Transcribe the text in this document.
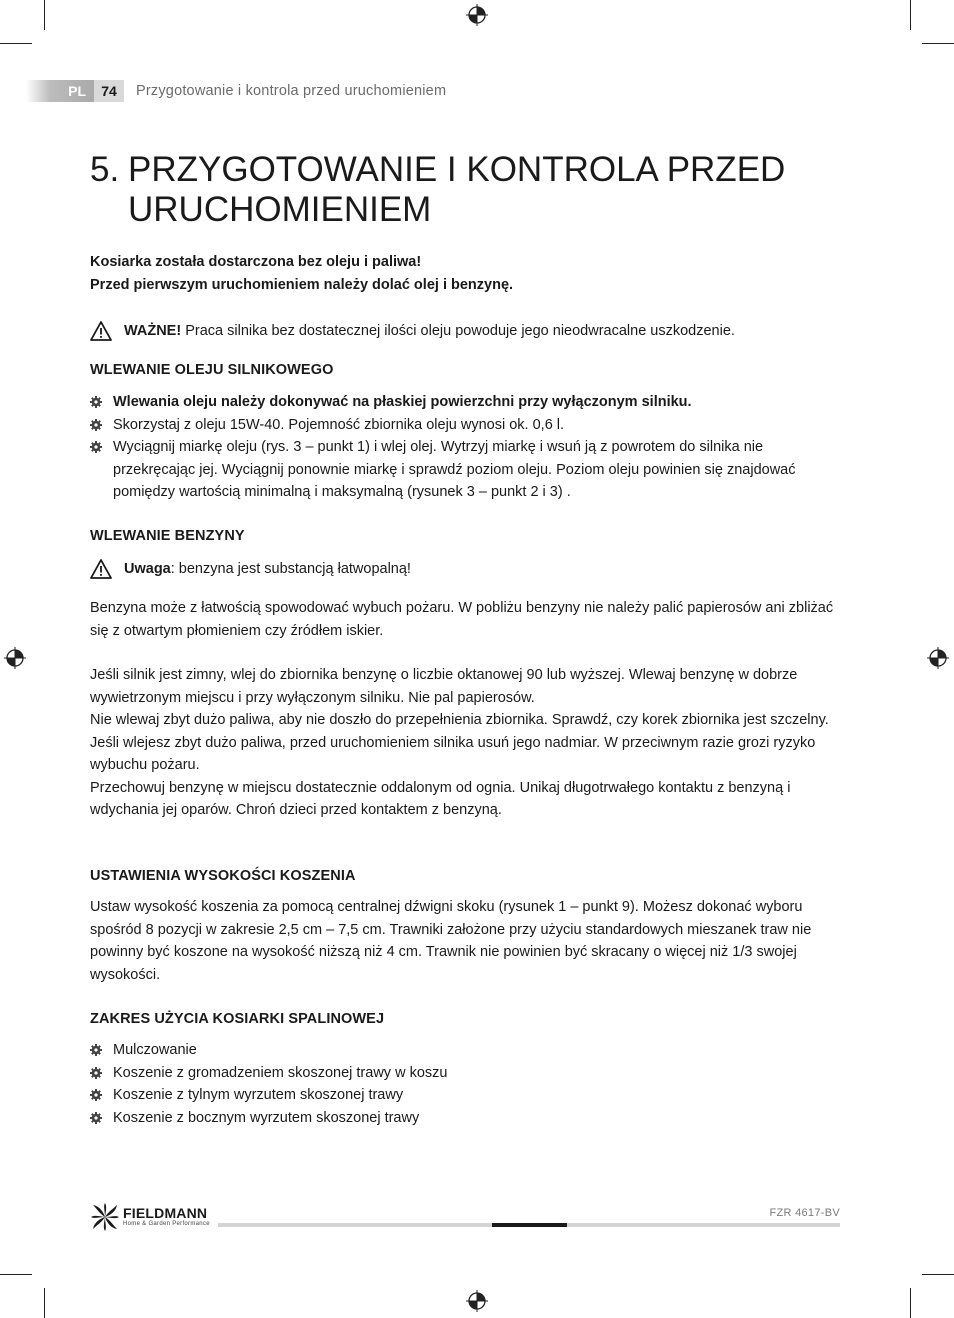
PL	74	Przygotowanie i kontrola przed uruchomieniem
5. PRZYGOTOWANIE I KONTROLA PRZED
URUCHOMIENIEM
Kosiarka została dostarczona bez oleju i paliwa!
Przed pierwszym uruchomieniem należy dolać olej i benzynę.
WAŻNE! Praca silnika bez dostatecznej ilości oleju powoduje jego nieodwracalne uszkodzenie.
WLEWANIE OLEJU SILNIKOWEGO
Wlewania oleju należy dokonywać na płaskiej powierzchni przy wyłączonym silniku.
Skorzystaj z oleju 15W-40. Pojemność zbiornika oleju wynosi ok. 0,6 l.
Wyciągnij miarkę oleju (rys. 3 – punkt 1) i wlej olej. Wytrzyj miarkę i wsuń ją z powrotem do silnika nie przekręcając jej. Wyciągnij ponownie miarkę i sprawdź poziom oleju. Poziom oleju powinien się znajdować pomiędzy wartością minimalną i maksymalną (rysunek 3 – punkt 2 i 3) .
WLEWANIE BENZYNY
Uwaga: benzyna jest substancją łatwopalną!

Benzyna może z łatwością spowodować wybuch pożaru. W pobliżu benzyny nie należy palić papierosów ani zbliżać się z otwartym płomieniem czy źródłem iskier.

Jeśli silnik jest zimny, wlej do zbiornika benzynę o liczbie oktanowej 90 lub wyższej. Wlewaj benzynę w dobrze wywietrzonym miejscu i przy wyłączonym silniku. Nie pal papierosów.

Nie wlewaj zbyt dużo paliwa, aby nie doszło do przepełnienia zbiornika. Sprawdź, czy korek zbiornika jest szczelny.

Jeśli wlejesz zbyt dużo paliwa, przed uruchomieniem silnika usuń jego nadmiar. W przeciwnym razie grozi ryzyko wybuchu pożaru.

Przechowuj benzynę w miejscu dostatecznie oddalonym od ognia. Unikaj długotrwałego kontaktu z benzyną i wdychania jej oparów. Chroń dzieci przed kontaktem z benzyną.

USTAWIENIA WYSOKOŚCI KOSZENIA

Ustaw wysokość koszenia za pomocą centralnej dźwigni skoku (rysunek 1 – punkt 9). Możesz dokonać wyboru spośród 8 pozycji w zakresie 2,5 cm – 7,5 cm. Trawniki założone przy użyciu standardowych mieszanek traw nie powinny być koszone na wysokość niższą niż 4 cm. Trawnik nie powinien być skracany o więcej niż 1/3 swojej wysokości.

ZAKRES UŻYCIA KOSIARKI SPALINOWEJ
Mulczowanie
Koszenie z gromadzeniem skoszonej trawy w koszu
Koszenie z tylnym wyrzutem skoszonej trawy
Koszenie z bocznym wyrzutem skoszonej trawy
FIELDMANN
Home & Garden Performance
FZR 4617-BV
